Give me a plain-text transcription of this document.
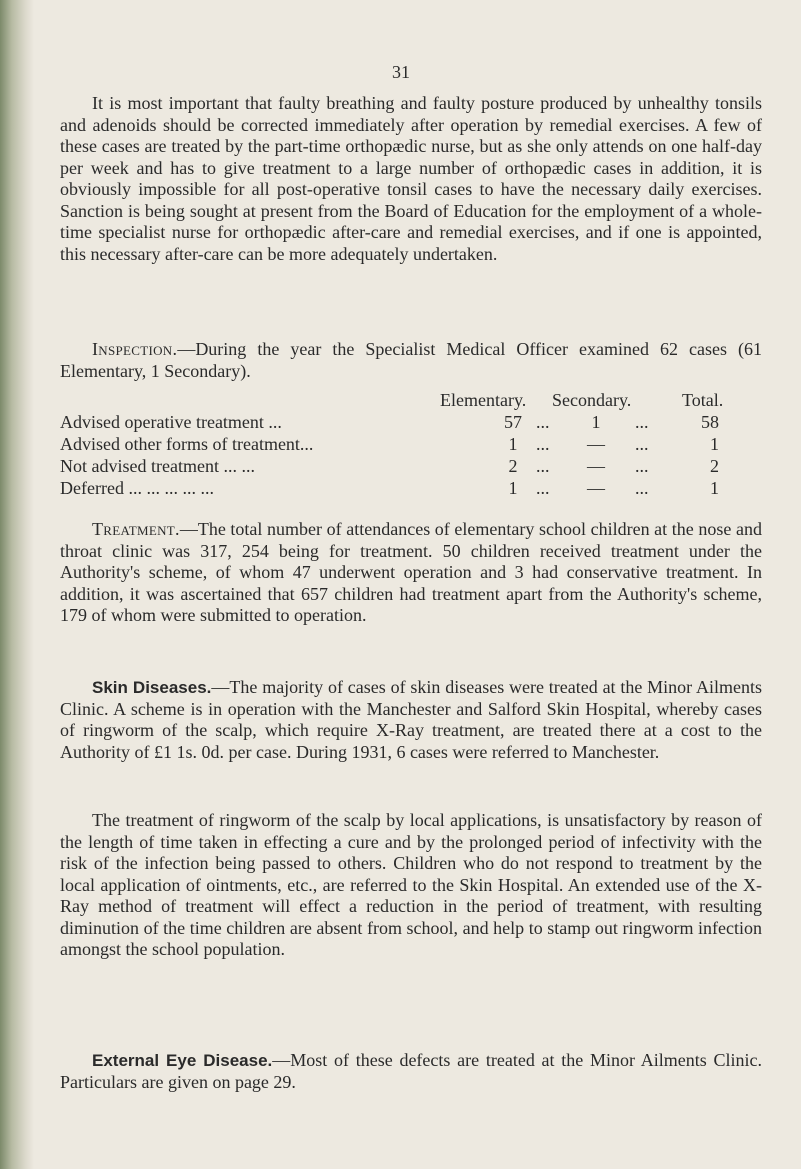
31

It is most important that faulty breathing and faulty posture produced by unhealthy tonsils and adenoids should be corrected immediately after operation by remedial exercises. A few of these cases are treated by the part-time orthopædic nurse, but as she only attends on one half-day per week and has to give treatment to a large number of orthopædic cases in addition, it is obviously impossible for all post-operative tonsil cases to have the necessary daily exercises. Sanction is being sought at present from the Board of Education for the employment of a whole-time specialist nurse for orthopædic after-care and remedial exercises, and if one is appointed, this necessary after-care can be more adequately undertaken.

Inspection.—During the year the Specialist Medical Officer examined 62 cases (61 Elementary, 1 Secondary).

Elementary. Secondary.	Total.
Advised operative treatment ...	57 ...	1	...	58
Advised other forms of treatment...	1	...	—	...	1
Not advised treatment ... ...	2	...	—	...	2
Deferred ... ... ... ... ...	1	...	—	...	1

Treatment.—The total number of attendances of elementary school children at the nose and throat clinic was 317, 254 being for treatment. 50 children received treatment under the Authority's scheme, of whom 47 underwent operation and 3 had conservative treatment. In addition, it was ascertained that 657 children had treatment apart from the Authority's scheme, 179 of whom were submitted to operation.

Skin Diseases.—The majority of cases of skin diseases were treated at the Minor Ailments Clinic. A scheme is in operation with the Manchester and Salford Skin Hospital, whereby cases of ringworm of the scalp, which require X-Ray treatment, are treated there at a cost to the Authority of £1 1s. 0d. per case. During 1931, 6 cases were referred to Manchester.

The treatment of ringworm of the scalp by local applications, is unsatisfactory by reason of the length of time taken in effecting a cure and by the prolonged period of infectivity with the risk of the infection being passed to others. Children who do not respond to treatment by the local application of ointments, etc., are referred to the Skin Hospital. An extended use of the X-Ray method of treatment will effect a reduction in the period of treatment, with resulting diminution of the time children are absent from school, and help to stamp out ringworm infection amongst the school population.

External Eye Disease.—Most of these defects are treated at the Minor Ailments Clinic. Particulars are given on page 29.
